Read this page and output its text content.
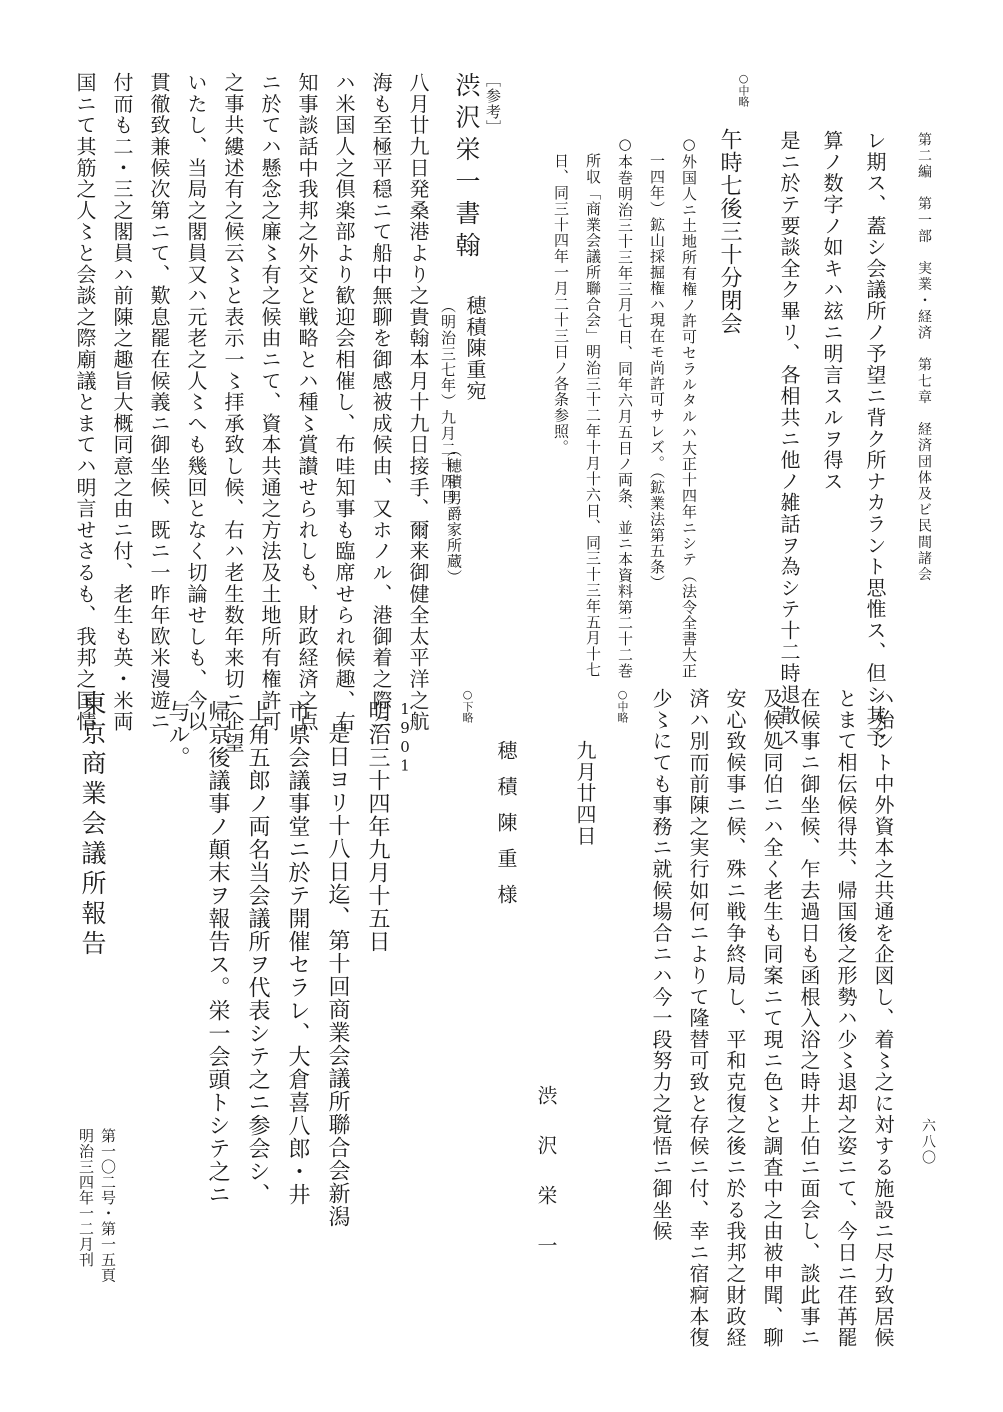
第二編　第一部　実業・経済　第七章　経済団体及ビ民間諸会
六八〇
レ期ス、蓋シ会議所ノ予望ニ背ク所ナカラント思惟ス、但シ其予
算ノ数字ノ如キハ玆ニ明言スルヲ得ス
是ニ於テ要談全ク畢リ、各相共ニ他ノ雑話ヲ為シテ十二時退散ス
○中略
午時七後三十分閉会
○外国人ニ土地所有権ノ許可セラルタルハ大正十四年ニシテ（法令全書大正
一四年）鉱山採掘権ハ現在モ尚許可サレズ。（鉱業法第五条）
○本巻明治三十三年三月七日、同年六月五日ノ両条、並ニ本資料第二十二巻
所収「商業会議所聯合会」明治三十二年十月十六日、同三十三年五月十七
日、同三十四年一月二十三日ノ各条参照。
［参考］
渋沢栄一書翰
穂積陳重宛
（明治三七年）九月二十四日
（穂積男爵家所蔵）
八月廿九日発桑港より之貴翰本月十九日接手、爾来御健全太平洋之航
海も至極平穏ニて船中無聊を御感被成候由、又ホノル、港御着之際ニ
ハ米国人之倶楽部より歓迎会相催し、布哇知事も臨席せられ候趣、右
知事談話中我邦之外交と戦略とハ種〻賞讃せられしも、財政経済之点
ニ於てハ懸念之廉〻有之候由ニて、資本共通之方法及土地所有権許可
之事共縷述有之候云〻と表示一〻拝承致し候、右ハ老生数年来切ニ企望
いたし、当局之閣員又ハ元老之人〻へも幾回となく切論せしも、今以
貫徹致兼候次第ニて、歎息罷在候義ニ御坐候、既ニ一昨年欧米漫遊ニ
付而も二・三之閣員ハ前陳之趣旨大概同意之由ニ付、老生も英・米両
国ニて其筋之人〻と会談之際廟議とまてハ明言せさるも、我邦之国情
ハ殆ント中外資本之共通を企図し、着〻之に対する施設ニ尽力致居候
とまて相伝候得共、帰国後之形勢ハ少〻退却之姿ニて、今日ニ荏苒罷
在候事ニ御坐候、乍去過日も函根入浴之時井上伯ニ面会し、談此事ニ
及候処同伯ニハ全く老生も同案ニて現ニ色〻と調査中之由被申聞、聊
安心致候事ニ候、殊ニ戦争終局し、平和克復之後ニ於る我邦之財政経
済ハ別而前陳之実行如何ニよりて隆替可致と存候ニ付、幸ニ宿痾本復
少〻にても事務ニ就候場合ニハ今一段努力之覚悟ニ御坐候
○中略
九月廿四日
渋沢栄一
穂積陳重様
○下略
1901
明治三十四年九月十五日
是日ヨリ十八日迄、第十回商業会議所聯合会新潟
市県会議事堂ニ於テ開催セラレ、大倉喜八郎・井
上角五郎ノ両名当会議所ヲ代表シテ之ニ参会シ、
帰京後議事ノ顛末ヲ報告ス。栄一会頭トシテ之ニ
与ル。
東京商業会議所報告
第一〇二号・第一五頁
明治三四年一二月刊
